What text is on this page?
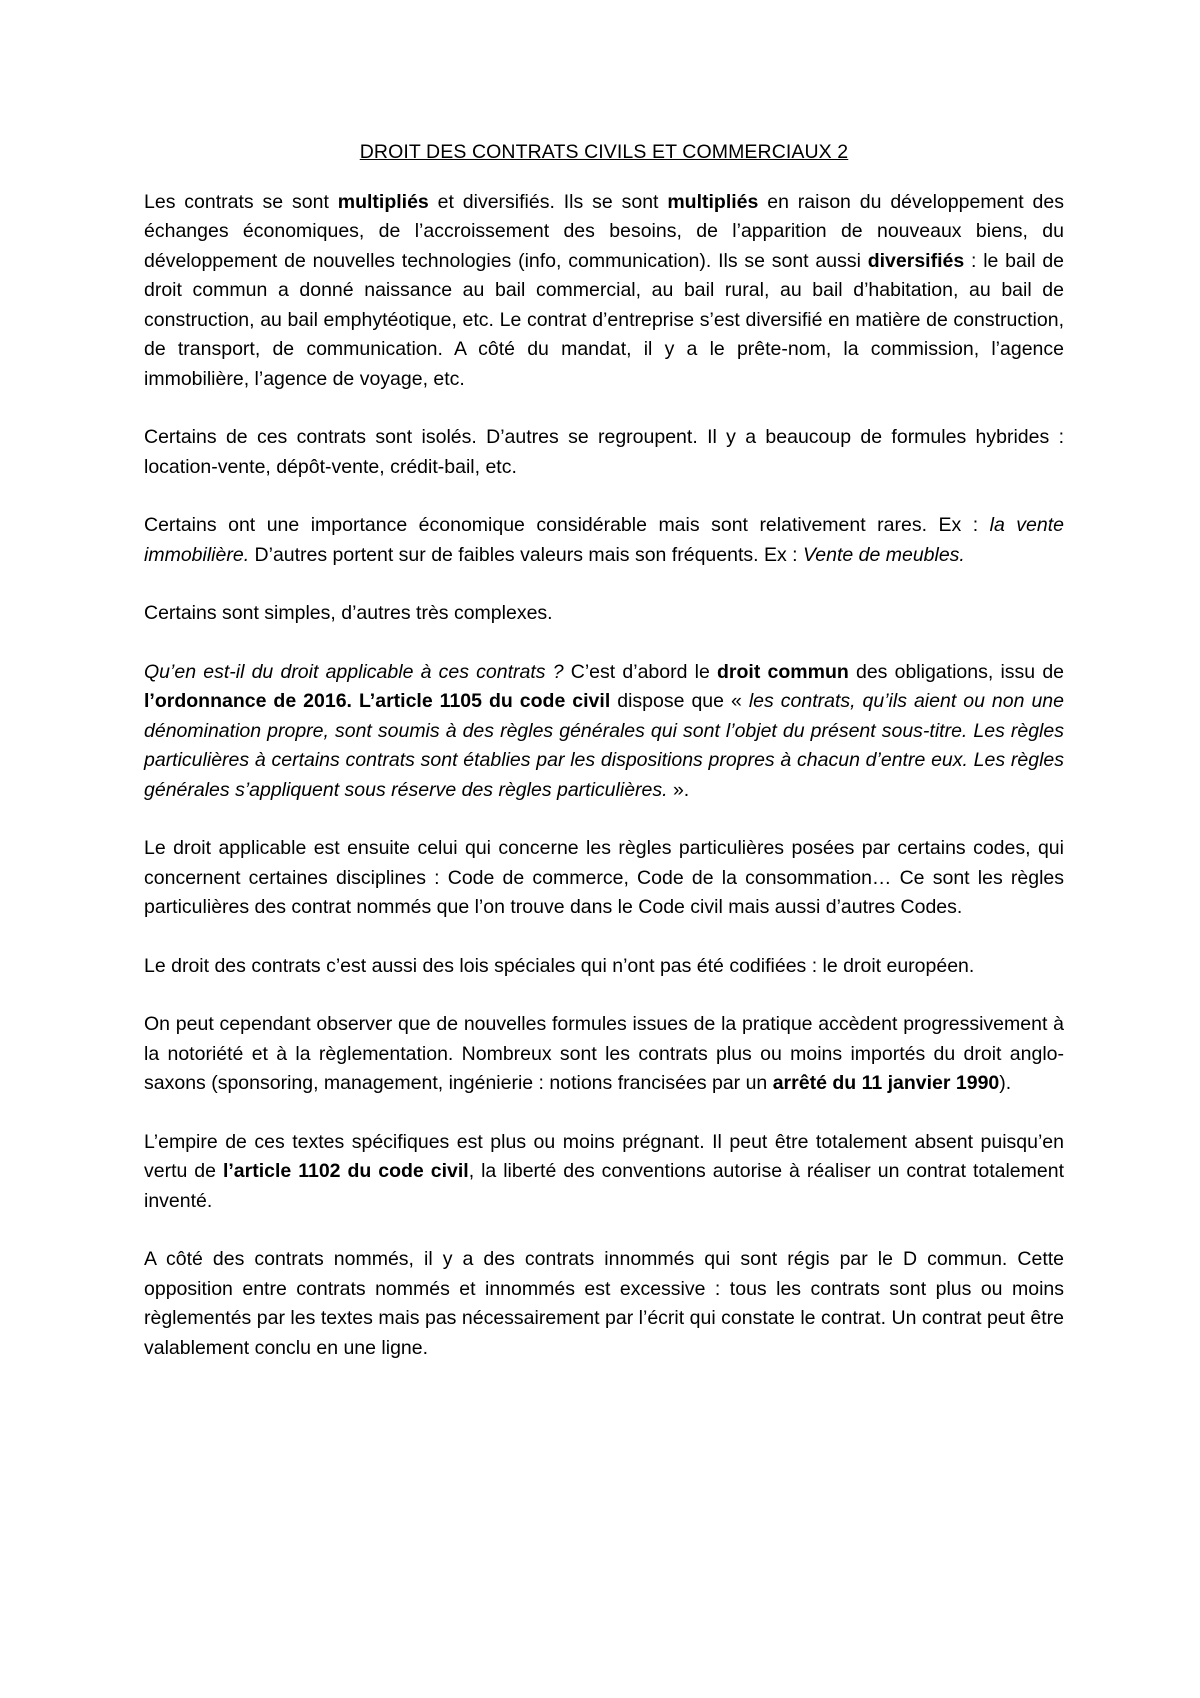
DROIT DES CONTRATS CIVILS ET COMMERCIAUX 2

Les contrats se sont multipliés et diversifiés. Ils se sont multipliés en raison du développement des échanges économiques, de l’accroissement des besoins, de l’apparition de nouveaux biens, du développement de nouvelles technologies (info, communication). Ils se sont aussi diversifiés : le bail de droit commun a donné naissance au bail commercial, au bail rural, au bail d’habitation, au bail de construction, au bail emphytéotique, etc. Le contrat d’entreprise s’est diversifié en matière de construction, de transport, de communication. A côté du mandat, il y a le prête-nom, la commission, l’agence immobilière, l’agence de voyage, etc.

Certains de ces contrats sont isolés. D’autres se regroupent. Il y a beaucoup de formules hybrides : location-vente, dépôt-vente, crédit-bail, etc.

Certains ont une importance économique considérable mais sont relativement rares. Ex : la vente immobilière. D’autres portent sur de faibles valeurs mais son fréquents. Ex : Vente de meubles.

Certains sont simples, d’autres très complexes.

Qu’en est-il du droit applicable à ces contrats ? C’est d’abord le droit commun des obligations, issu de l’ordonnance de 2016. L’article 1105 du code civil dispose que « les contrats, qu’ils aient ou non une dénomination propre, sont soumis à des règles générales qui sont l’objet du présent sous-titre. Les règles particulières à certains contrats sont établies par les dispositions propres à chacun d’entre eux. Les règles générales s’appliquent sous réserve des règles particulières. ».

Le droit applicable est ensuite celui qui concerne les règles particulières posées par certains codes, qui concernent certaines disciplines : Code de commerce, Code de la consommation… Ce sont les règles particulières des contrat nommés que l’on trouve dans le Code civil mais aussi d’autres Codes.

Le droit des contrats c’est aussi des lois spéciales qui n’ont pas été codifiées : le droit européen.

On peut cependant observer que de nouvelles formules issues de la pratique accèdent progressivement à la notoriété et à la règlementation. Nombreux sont les contrats plus ou moins importés du droit anglo-saxons (sponsoring, management, ingénierie : notions francisées par un arrêté du 11 janvier 1990).

L’empire de ces textes spécifiques est plus ou moins prégnant. Il peut être totalement absent puisqu’en vertu de l’article 1102 du code civil, la liberté des conventions autorise à réaliser un contrat totalement inventé.

A côté des contrats nommés, il y a des contrats innommés qui sont régis par le D commun. Cette opposition entre contrats nommés et innommés est excessive : tous les contrats sont plus ou moins règlementés par les textes mais pas nécessairement par l’écrit qui constate le contrat. Un contrat peut être valablement conclu en une ligne.
